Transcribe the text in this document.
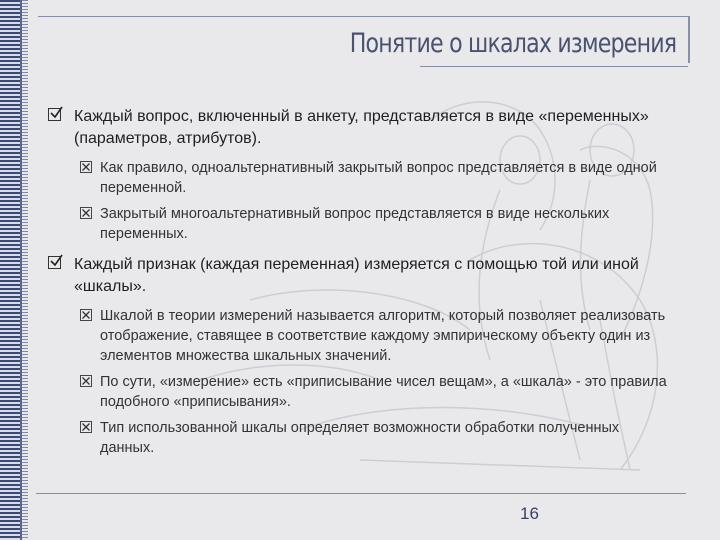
Понятие о шкалах измерения
Каждый вопрос, включенный в анкету, представляется в виде «переменных» (параметров, атрибутов).
Как правило, одноальтернативный закрытый вопрос представляется в виде одной переменной.
Закрытый многоальтернативный вопрос представляется в виде нескольких переменных.
Каждый признак (каждая переменная) измеряется с помощью той или иной «шкалы».
Шкалой в теории измерений называется алгоритм, который позволяет реализовать отображение, ставящее в соответствие каждому эмпирическому объекту один из элементов множества шкальных значений.
По сути, «измерение» есть «приписывание чисел вещам», а «шкала» - это правила подобного «приписывания».
Тип использованной шкалы определяет возможности обработки полученных данных.
16
